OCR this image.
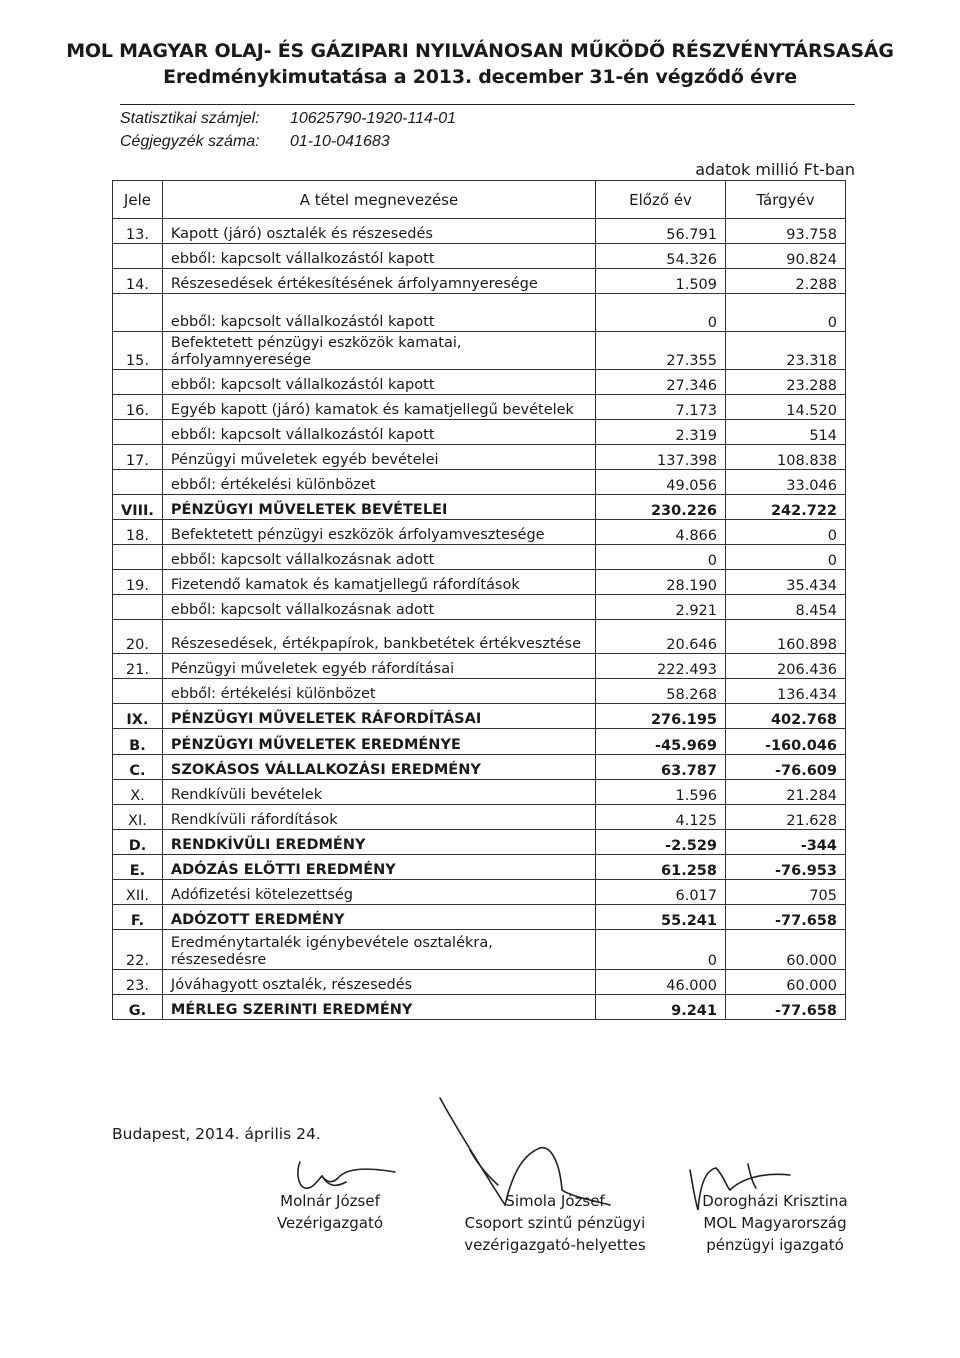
MOL MAGYAR OLAJ- ÉS GÁZIPARI NYILVÁNOSAN MŰKÖDŐ RÉSZVÉNYTÁRSASÁG
Eredménykimutatása a 2013. december 31-én végződő évre
Statisztikai számjel: 10625790-1920-114-01
Cégjegyzék száma: 01-10-041683
adatok millió Ft-ban
Jele	A tétel megnevezése	Előző év	Tárgyév
13.	Kapott (járó) osztalék és részesedés	56.791	93.758
	ebből: kapcsolt vállalkozástól kapott	54.326	90.824
14.	Részesedések értékesítésének árfolyamnyeresége	1.509	2.288
	ebből: kapcsolt vállalkozástól kapott	0	0
15.	Befektetett pénzügyi eszközök kamatai, árfolyamnyeresége	27.355	23.318
	ebből: kapcsolt vállalkozástól kapott	27.346	23.288
16.	Egyéb kapott (járó) kamatok és kamatjellegű bevételek	7.173	14.520
	ebből: kapcsolt vállalkozástól kapott	2.319	514
17.	Pénzügyi műveletek egyéb bevételei	137.398	108.838
	ebből: értékelési különbözet	49.056	33.046
VIII.	PÉNZÜGYI MŰVELETEK BEVÉTELEI	230.226	242.722
18.	Befektetett pénzügyi eszközök árfolyamvesztesége	4.866	0
	ebből: kapcsolt vállalkozásnak adott	0	0
19.	Fizetendő kamatok és kamatjellegű ráfordítások	28.190	35.434
	ebből: kapcsolt vállalkozásnak adott	2.921	8.454
20.	Részesedések, értékpapírok, bankbetétek értékvesztése	20.646	160.898
21.	Pénzügyi műveletek egyéb ráfordításai	222.493	206.436
	ebből: értékelési különbözet	58.268	136.434
IX.	PÉNZÜGYI MŰVELETEK RÁFORDÍTÁSAI	276.195	402.768
B.	PÉNZÜGYI MŰVELETEK EREDMÉNYE	-45.969	-160.046
C.	SZOKÁSOS VÁLLALKOZÁSI EREDMÉNY	63.787	-76.609
X.	Rendkívüli bevételek	1.596	21.284
XI.	Rendkívüli ráfordítások	4.125	21.628
D.	RENDKÍVÜLI EREDMÉNY	-2.529	-344
E.	ADÓZÁS ELŐTTI EREDMÉNY	61.258	-76.953
XII.	Adófizetési kötelezettség	6.017	705
F.	ADÓZOTT EREDMÉNY	55.241	-77.658
22.	Eredménytartalék igénybevétele osztalékra, részesedésre	0	60.000
23.	Jóváhagyott osztalék, részesedés	46.000	60.000
G.	MÉRLEG SZERINTI EREDMÉNY	9.241	-77.658
Budapest, 2014. április 24.
Molnár József
Vezérigazgató
Simola József
Csoport szintű pénzügyi vezérigazgató-helyettes
Dorogházi Krisztina
MOL Magyarország pénzügyi igazgató
